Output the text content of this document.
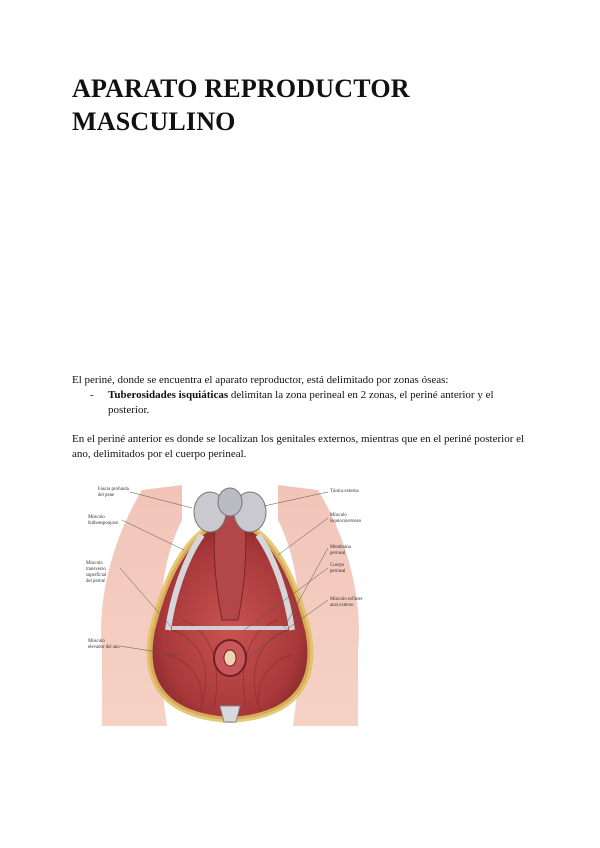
APARATO REPRODUCTOR
MASCULINO

El periné, donde se encuentra el aparato reproductor, está delimitado por zonas óseas:

- Tuberosidades isquiáticas delimitan la zona perineal en 2 zonas, el periné anterior y el posterior.

En el periné anterior es donde se localizan los genitales externos, mientras que en el periné posterior el ano, delimitados por el cuerpo perineal.

Fascia profunda del pene
Músculo bulboesponjoso
Músculo transverso superficial del periné
Músculo elevador del ano
Túnica externa
Músculo isquiocavernoso
Membrana perineal
Cuerpo perineal
Músculo esfínter anal externo
